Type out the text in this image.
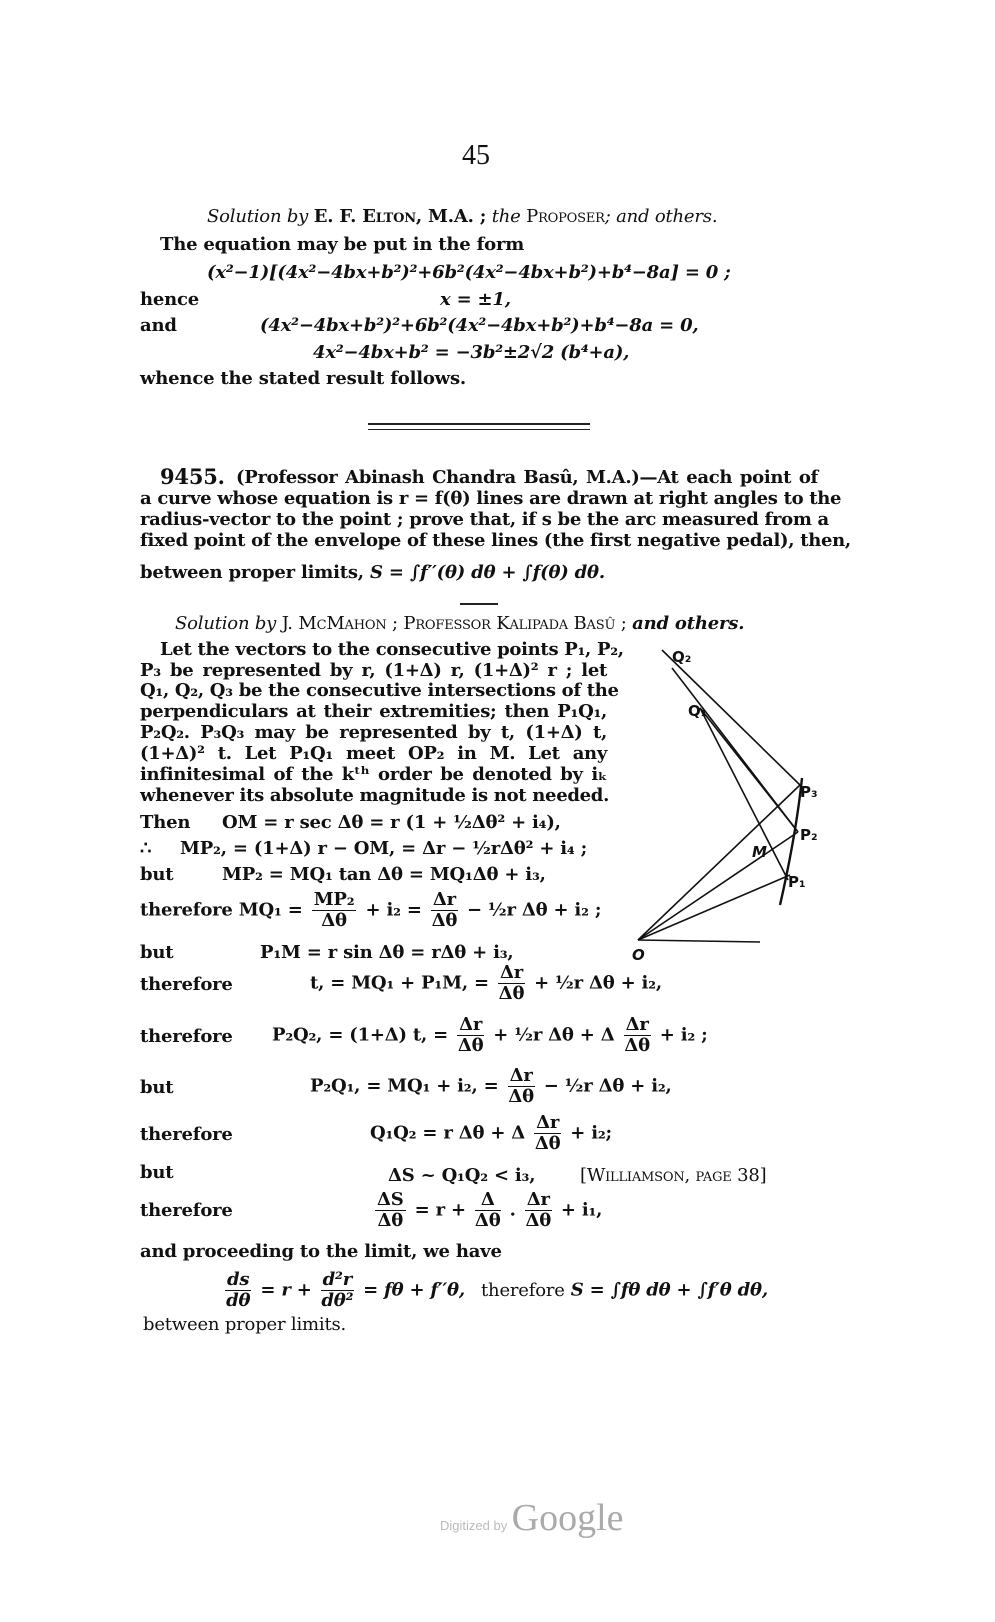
45
Solution by E. F. Elton, M.A. ; the Proposer; and others.
The equation may be put in the form
(x²−1)[(4x²−4bx+b²)²+6b²(4x²−4bx+b²)+b⁴−8a] = 0 ;
hence	x = ±1,
and	(4x²−4bx+b²)²+6b²(4x²−4bx+b²)+b⁴−8a = 0,
4x²−4bx+b² = −3b²±2√2 (b⁴+a),
whence the stated result follows.
9455. (Professor Abinash Chandra Basû, M.A.)—At each point of
a curve whose equation is r = f(θ) lines are drawn at right angles to the
radius-vector to the point ; prove that, if s be the arc measured from a
fixed point of the envelope of these lines (the first negative pedal), then,
between proper limits, S = ∫f′′(θ) dθ + ∫f(θ) dθ.
Solution by J. McMahon ; Professor Kalipada Basû ; and others.
Let the vectors to the consecutive points P₁, P₂,
P₃ be represented by r, (1+Δ) r, (1+Δ)² r ; let
Q₁, Q₂, Q₃ be the consecutive intersections of the
perpendiculars at their extremities; then P₁Q₁,
P₂Q₂. P₃Q₃ may be represented by t, (1+Δ) t,
(1+Δ)² t. Let P₁Q₁ meet OP₂ in M. Let any
infinitesimal of the kᵗʰ order be denoted by iₖ
whenever its absolute magnitude is not needed.
Then OM = r sec Δθ = r (1 + ½Δθ² + i₄),
∴ MP₂, = (1+Δ) r − OM, = Δr − ½rΔθ² + i₄ ;
but	MP₂ = MQ₁ tan Δθ = MQ₁Δθ + i₃,
therefore $MQ_1 = \frac{\text{MP₂}}{\Delta\theta} + i_2 = \frac{\Delta r}{\Delta\theta}$ − ½r Δθ + i₂ ;
but	P₁M = r sin Δθ = rΔθ + i₃,
therefore	t, = MQ₁ + P₁M, = $\frac{\Delta r}{\Delta\theta}$ + ½r Δθ + i₂,
therefore P₂Q₂, = (1+Δ) t, = $\frac{\Delta r}{\Delta\theta}$ + ½r Δθ + Δ $\frac{\Delta r}{\Delta\theta} + i_2$ ;
but	P₂Q₁, = MQ₁ + i₂, = $\frac{\Delta r}{\Delta\theta}$ − ½r Δθ + i₂,
therefore	Q₁Q₂ = r Δθ + Δ $\frac{\Delta r}{\Delta\theta} + i_2$;
but	ΔS ~ Q₁Q₂ < i₃, [Williamson, page 38]
therefore	$\frac{\Delta S}{\Delta\theta} = r + \frac{\Delta}{\Delta\theta}$ . $\frac{\Delta r}{\Delta\theta} + i_1$,
and proceeding to the limit, we have
$\frac{ds}{d\theta} = r + \frac{\text{d²r}}{\text{dθ²}} = f\theta + f''\theta$, therefore S = ∫fθ dθ + ∫f′θ dθ,
between proper limits.
Q₂
Q₁
P₃
P₂
P₁
M
O
Digitized by Google
